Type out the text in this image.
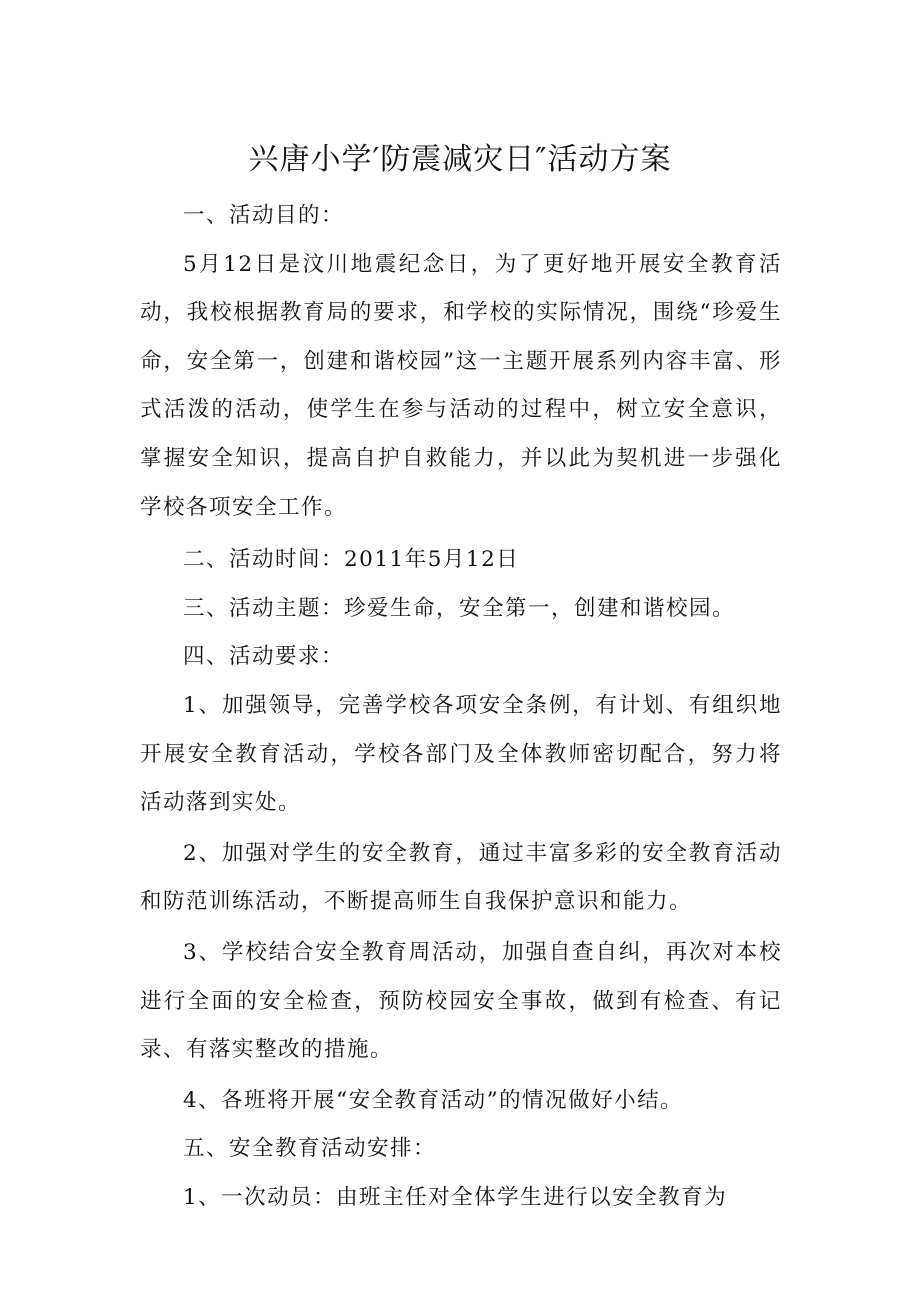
兴唐小学′防震减灾日″活动方案

一、活动目的：

5月12日是汶川地震纪念日，为了更好地开展安全教育活动，我校根据教育局的要求，和学校的实际情况，围绕“珍爱生命，安全第一，创建和谐校园”这一主题开展系列内容丰富、形式活泼的活动，使学生在参与活动的过程中，树立安全意识，掌握安全知识，提高自护自救能力，并以此为契机进一步强化学校各项安全工作。

二、活动时间：2011年5月12日

三、活动主题：珍爱生命，安全第一，创建和谐校园。

四、活动要求：

1、加强领导，完善学校各项安全条例，有计划、有组织地开展安全教育活动，学校各部门及全体教师密切配合，努力将活动落到实处。

2、加强对学生的安全教育，通过丰富多彩的安全教育活动和防范训练活动，不断提高师生自我保护意识和能力。

3、学校结合安全教育周活动，加强自查自纠，再次对本校进行全面的安全检查，预防校园安全事故，做到有检查、有记录、有落实整改的措施。

4、各班将开展“安全教育活动”的情况做好小结。

五、安全教育活动安排：

1、一次动员：由班主任对全体学生进行以安全教育为
